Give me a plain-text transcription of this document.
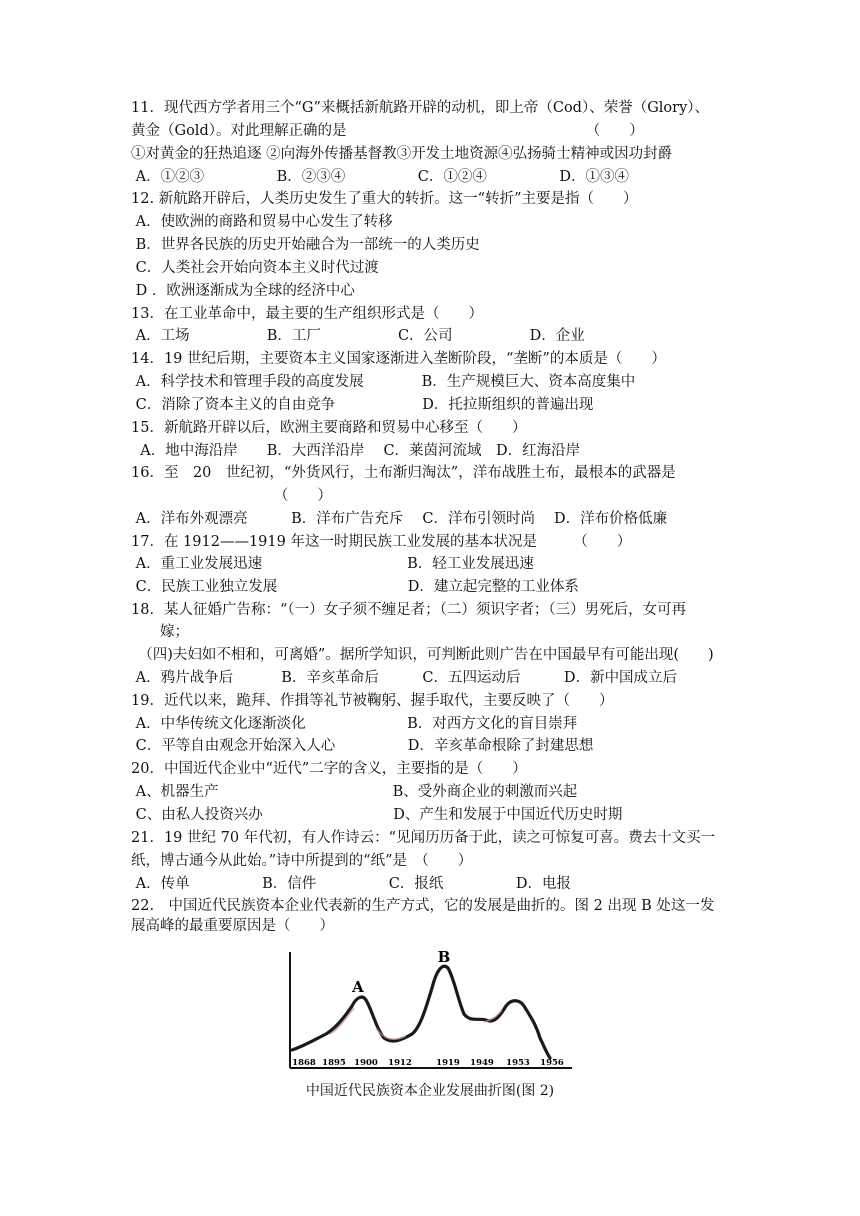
11．现代西方学者用三个“G”来概括新航路开辟的动机，即上帝（Cod）、荣誉（Glory）、
黄金（Gold）。对此理解正确的是　　　　　　　　　　　　　　　　　（　　）
①对黄金的狂热追逐 ②向海外传播基督教③开发土地资源④弘扬骑士精神或因功封爵
A．①②③　　　　　B．②③④　　　　　C．①②④　　　　　D．①③④
12. 新航路开辟后，人类历史发生了重大的转折。这一“转折”主要是指（　　）
A．使欧洲的商路和贸易中心发生了转移
B．世界各民族的历史开始融合为一部统一的人类历史
C．人类社会开始向资本主义时代过渡
D ．欧洲逐渐成为全球的经济中心
13．在工业革命中，最主要的生产组织形式是（　　）
A．工场　　　　　 B．工厂　　　　　 C．公司　　　　　 D．企业
14．19 世纪后期，主要资本主义国家逐渐进入垄断阶段，“垄断”的本质是（　　）
A．科学技术和管理手段的高度发展　　　　B．生产规模巨大、资本高度集中
C．消除了资本主义的自由竞争　　　　　　D．托拉斯组织的普遍出现
15．新航路开辟以后，欧洲主要商路和贸易中心移至（　　）
A．地中海沿岸　　B．大西洋沿岸　 C．莱茵河流域　D．红海沿岸
16．至　20　世纪初，“外货风行，土布渐归淘汰”，洋布战胜土布，最根本的武器是
（　　）
A．洋布外观漂亮　　　B．洋布广告充斥　 C．洋布引领时尚　 D．洋布价格低廉
17．在 1912——1919 年这一时期民族工业发展的基本状况是　　　（　　）
A．重工业发展迅速　　　　　　　　　　B．轻工业发展迅速
C．民族工业独立发展　　　　　　　　　D．建立起完整的工业体系
18．某人征婚广告称：“（一）女子须不缠足者；（二）须识字者；（三）男死后，女可再
　　嫁；
　（四)夫妇如不相和，可离婚”。据所学知识，可判断此则广告在中国最早有可能出现(　　)
A．鸦片战争后　　　 B．辛亥革命后　　　C．五四运动后　　　D．新中国成立后
19．近代以来，跪拜、作揖等礼节被鞠躬、握手取代，主要反映了（　　）
A．中华传统文化逐渐淡化　　　　　　　B．对西方文化的盲目崇拜
C．平等自由观念开始深入人心　　　　　D．辛亥革命根除了封建思想
20．中国近代企业中“近代”二字的含义，主要指的是（　　）
A、机器生产　　　　　　　　　　　　B、受外商企业的刺激而兴起
C、由私人投资兴办　　　　　　　　　D、产生和发展于中国近代历史时期
21．19 世纪 70 年代初，有人作诗云：“见闻历历备于此，读之可惊复可喜。费去十文买一
纸，博古通今从此始。”诗中所提到的“纸”是　（　　）
A．传单　　　　　B．信件　　　　　C．报纸　　　　　D．电报
22.　中国近代民族资本企业代表新的生产方式，它的发展是曲折的。图 2 出现 B 处这一发
展高峰的最重要原因是（　　）
A
B
1868 1895 1900 1912	1919 1949 1953 1956
中国近代民族资本企业发展曲折图(图 2)
